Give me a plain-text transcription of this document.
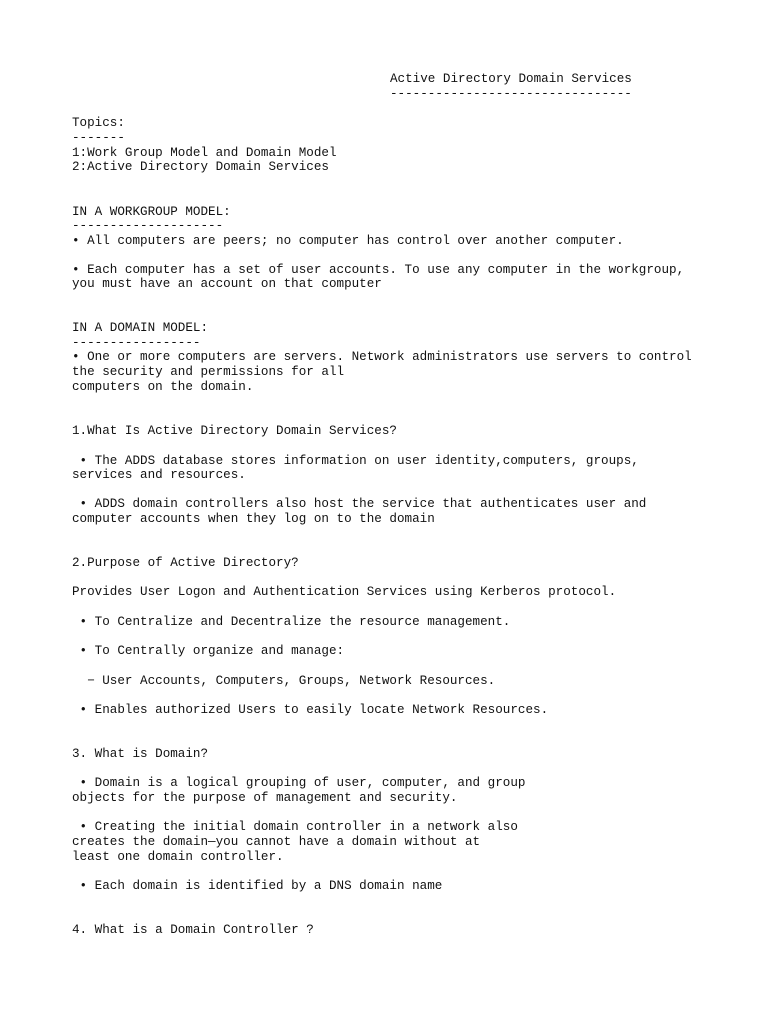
Active Directory Domain Services
--------------------------------
Topics:
-------
1:Work Group Model and Domain Model
2:Active Directory Domain Services
IN A WORKGROUP MODEL:
--------------------
• All computers are peers; no computer has control over another computer.
• Each computer has a set of user accounts. To use any computer in the workgroup,
you must have an account on that computer
IN A DOMAIN MODEL:
-----------------
• One or more computers are servers. Network administrators use servers to control
the security and permissions for all
computers on the domain.
1.What Is Active Directory Domain Services?
• The ADDS database stores information on user identity,computers, groups,
services and resources.
• ADDS domain controllers also host the service that authenticates user and
computer accounts when they log on to the domain
2.Purpose of Active Directory?
Provides User Logon and Authentication Services using Kerberos protocol.
• To Centralize and Decentralize the resource management.
• To Centrally organize and manage:
− User Accounts, Computers, Groups, Network Resources.
• Enables authorized Users to easily locate Network Resources.
3. What is Domain?
• Domain is a logical grouping of user, computer, and group
objects for the purpose of management and security.
• Creating the initial domain controller in a network also
creates the domain—you cannot have a domain without at
least one domain controller.
• Each domain is identified by a DNS domain name
4. What is a Domain Controller ?
